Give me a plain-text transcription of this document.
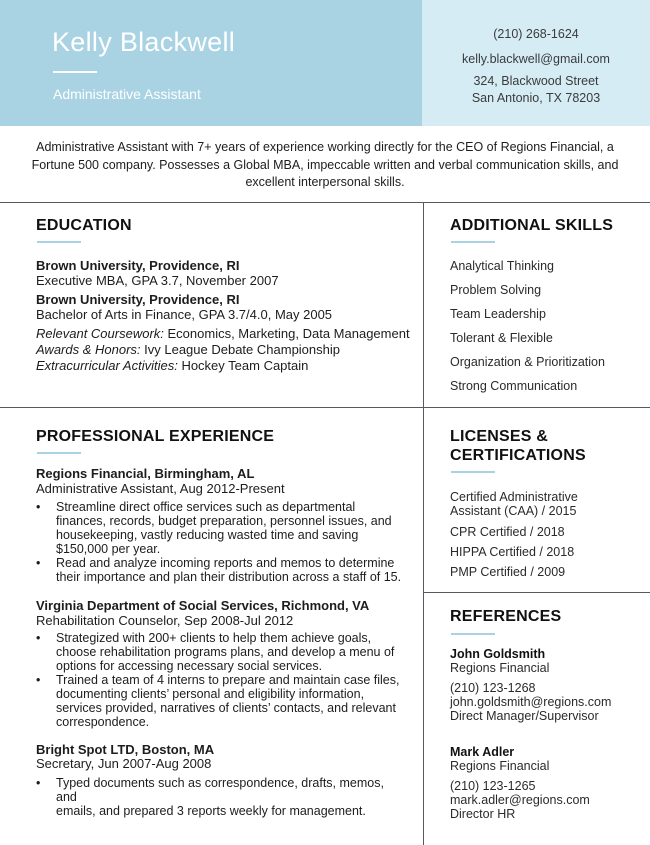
Kelly Blackwell
Administrative Assistant
(210) 268-1624
kelly.blackwell@gmail.com
324, Blackwood Street
San Antonio, TX 78203
Administrative Assistant with 7+ years of experience working directly for the CEO of Regions Financial, a Fortune 500 company. Possesses a Global MBA, impeccable written and verbal communication skills, and excellent interpersonal skills.
EDUCATION
Brown University, Providence, RI
Executive MBA, GPA 3.7, November 2007
Brown University, Providence, RI
Bachelor of Arts in Finance, GPA 3.7/4.0, May 2005
Relevant Coursework: Economics, Marketing, Data Management
Awards & Honors: Ivy League Debate Championship
Extracurricular Activities: Hockey Team Captain
ADDITIONAL SKILLS
Analytical Thinking
Problem Solving
Team Leadership
Tolerant & Flexible
Organization & Prioritization
Strong Communication
PROFESSIONAL EXPERIENCE
Regions Financial, Birmingham, AL
Administrative Assistant, Aug 2012-Present
• Streamline direct office services such as departmental
finances, records, budget preparation, personnel issues, and
housekeeping, vastly reducing wasted time and saving
$150,000 per year.
• Read and analyze incoming reports and memos to determine
their importance and plan their distribution across a staff of 15.
Virginia Department of Social Services, Richmond, VA
Rehabilitation Counselor, Sep 2008-Jul 2012
• Strategized with 200+ clients to help them achieve goals,
choose rehabilitation programs plans, and develop a menu of
options for accessing necessary social services.
• Trained a team of 4 interns to prepare and maintain case files,
documenting clients’ personal and eligibility information,
services provided, narratives of clients’ contacts, and relevant
correspondence.
Bright Spot LTD, Boston, MA
Secretary, Jun 2007-Aug 2008
• Typed documents such as correspondence, drafts, memos, and
emails, and prepared 3 reports weekly for management.
LICENSES &
CERTIFICATIONS
Certified Administrative
Assistant (CAA) / 2015
CPR Certified / 2018
HIPPA Certified / 2018
PMP Certified / 2009
REFERENCES
John Goldsmith
Regions Financial
(210) 123-1268
john.goldsmith@regions.com
Direct Manager/Supervisor
Mark Adler
Regions Financial
(210) 123-1265
mark.adler@regions.com
Director HR
